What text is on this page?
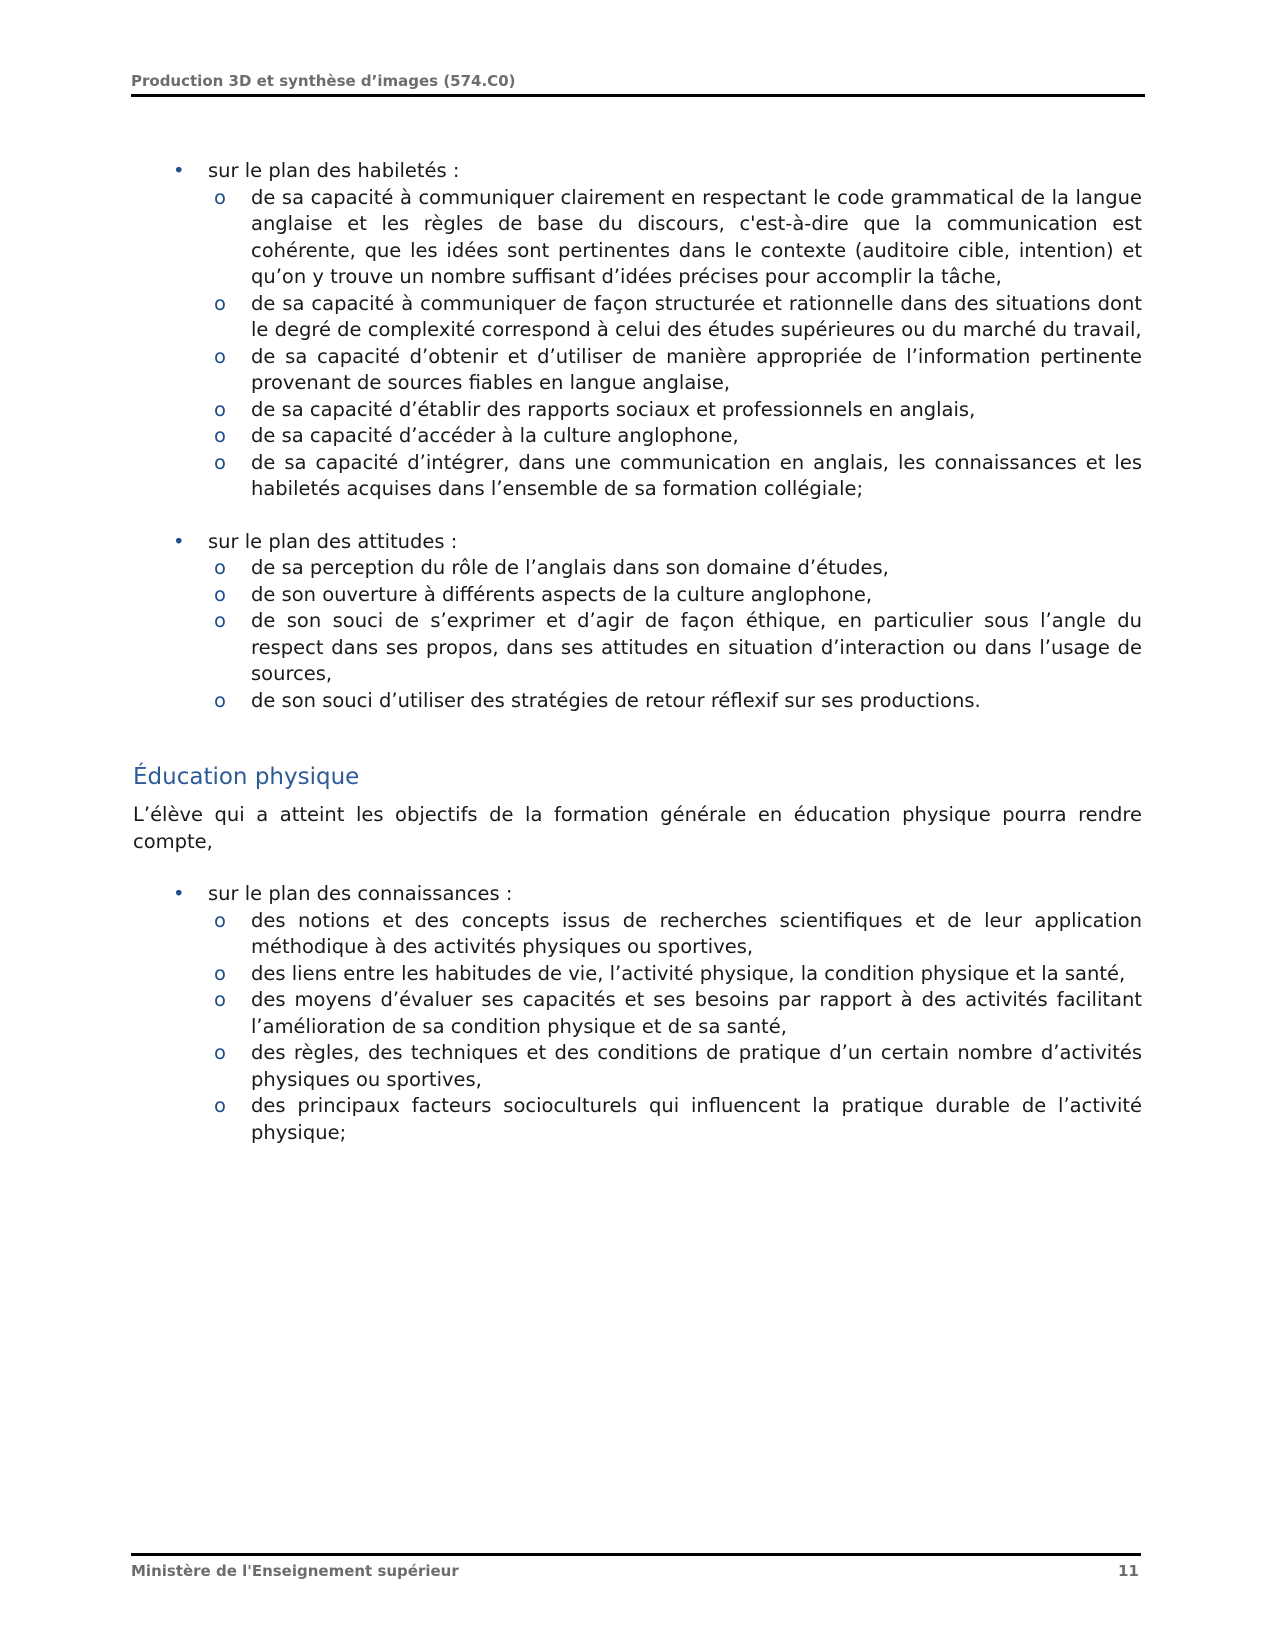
Production 3D et synthèse d’images (574.C0)
• sur le plan des habiletés :
o de sa capacité à communiquer clairement en respectant le code grammatical de la langue anglaise et les règles de base du discours, c'est-à-dire que la communication est cohérente, que les idées sont pertinentes dans le contexte (auditoire cible, intention) et qu’on y trouve un nombre suffisant d’idées précises pour accomplir la tâche,
o de sa capacité à communiquer de façon structurée et rationnelle dans des situations dont le degré de complexité correspond à celui des études supérieures ou du marché du travail,
o de sa capacité d’obtenir et d’utiliser de manière appropriée de l’information pertinente provenant de sources fiables en langue anglaise,
o de sa capacité d’établir des rapports sociaux et professionnels en anglais,
o de sa capacité d’accéder à la culture anglophone,
o de sa capacité d’intégrer, dans une communication en anglais, les connaissances et les habiletés acquises dans l’ensemble de sa formation collégiale;
• sur le plan des attitudes :
o de sa perception du rôle de l’anglais dans son domaine d’études,
o de son ouverture à différents aspects de la culture anglophone,
o de son souci de s’exprimer et d’agir de façon éthique, en particulier sous l’angle du respect dans ses propos, dans ses attitudes en situation d’interaction ou dans l’usage de sources,
o de son souci d’utiliser des stratégies de retour réflexif sur ses productions.
Éducation physique

L’élève qui a atteint les objectifs de la formation générale en éducation physique pourra rendre compte,

• sur le plan des connaissances :
o des notions et des concepts issus de recherches scientifiques et de leur application méthodique à des activités physiques ou sportives,
o des liens entre les habitudes de vie, l’activité physique, la condition physique et la santé,
o des moyens d’évaluer ses capacités et ses besoins par rapport à des activités facilitant l’amélioration de sa condition physique et de sa santé,
o des règles, des techniques et des conditions de pratique d’un certain nombre d’activités physiques ou sportives,
o des principaux facteurs socioculturels qui influencent la pratique durable de l’activité physique;
Ministère de l'Enseignement supérieur	11
